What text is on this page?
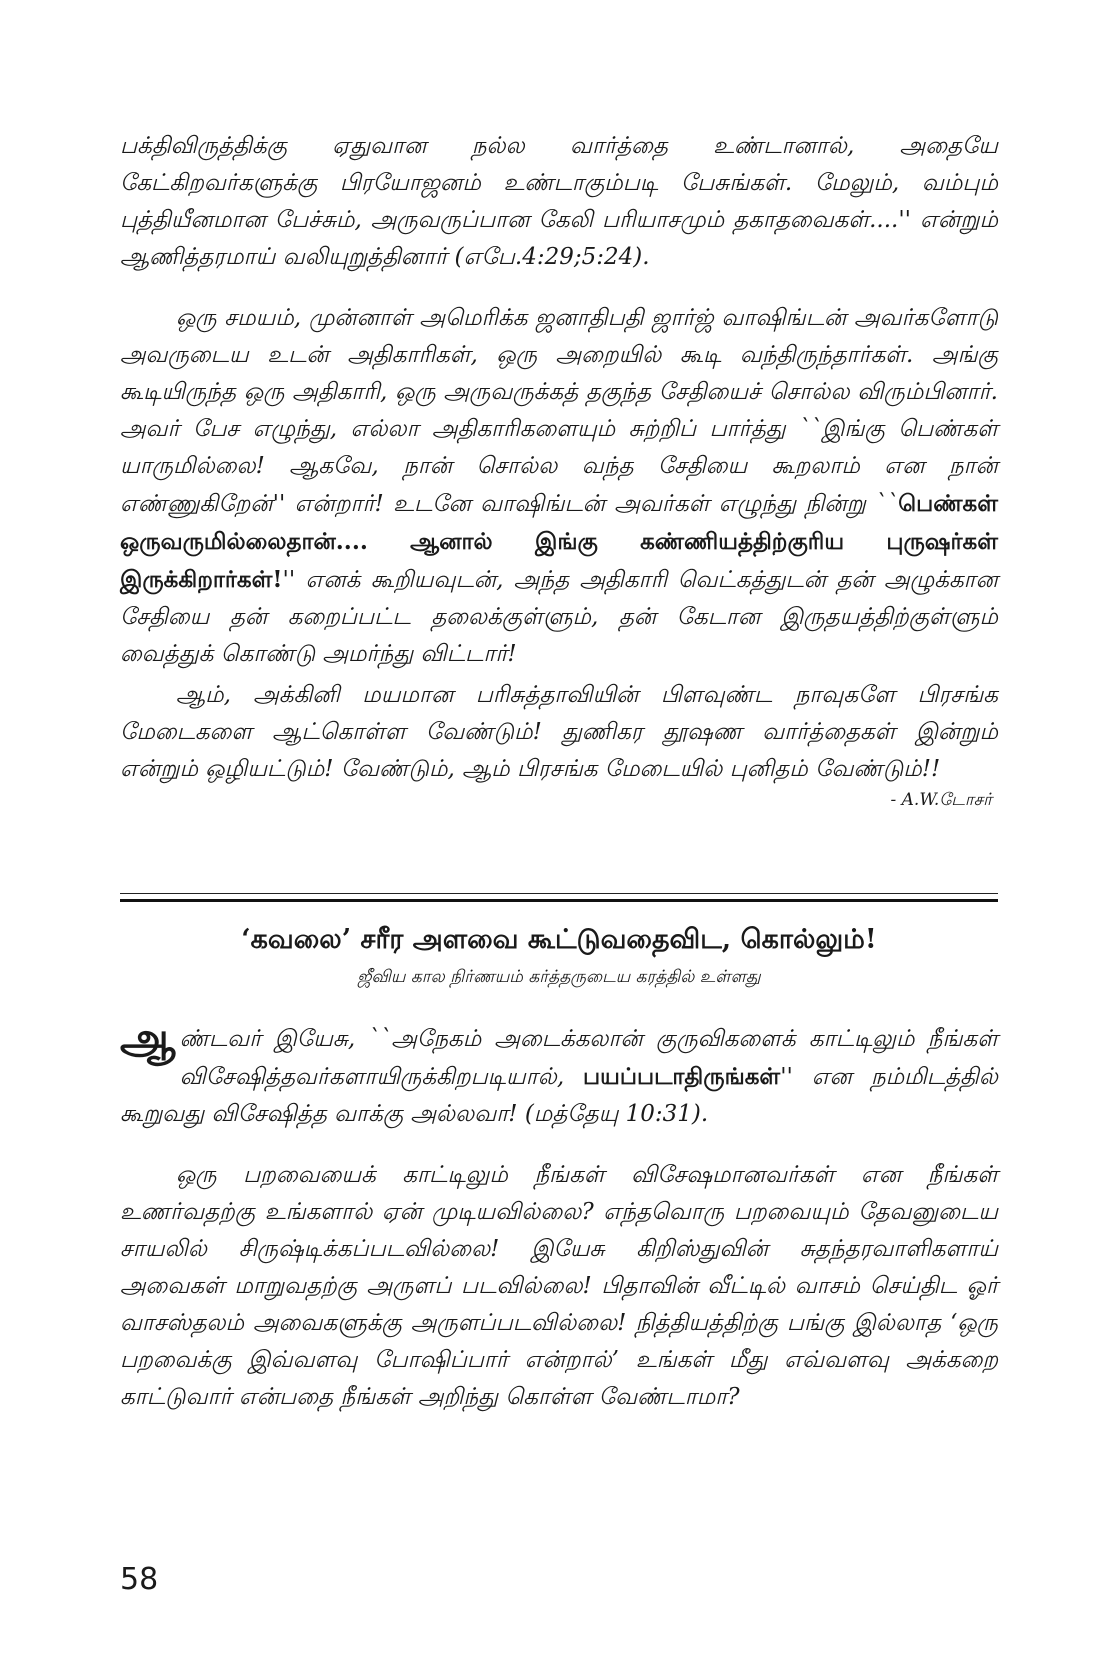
பக்திவிருத்திக்கு ஏதுவான நல்ல வார்த்தை உண்டானால், அதையே கேட்கிறவர்களுக்கு பிரயோஜனம் உண்டாகும்படி பேசுங்கள். மேலும், வம்பும் புத்தியீனமான பேச்சும், அருவருப்பான கேலி பரியாசமும் தகாதவைகள்....'' என்றும் ஆணித்தரமாய் வலியுறுத்தினார் (எபே.4:29;5:24).

ஒரு சமயம், முன்னாள் அமெரிக்க ஜனாதிபதி ஜார்ஜ் வாஷிங்டன் அவர்களோடு அவருடைய உடன் அதிகாரிகள், ஒரு அறையில் கூடி வந்திருந்தார்கள். அங்கு கூடியிருந்த ஒரு அதிகாரி, ஒரு அருவருக்கத் தகுந்த சேதியைச் சொல்ல விரும்பினார். அவர் பேச எழுந்து, எல்லா அதிகாரிகளையும் சுற்றிப் பார்த்து ``இங்கு பெண்கள் யாருமில்லை! ஆகவே, நான் சொல்ல வந்த சேதியை கூறலாம் என நான் எண்ணுகிறேன்'' என்றார்! உடனே வாஷிங்டன் அவர்கள் எழுந்து நின்று ``பெண்கள் ஒருவருமில்லைதான்.... ஆனால் இங்கு கண்ணியத்திற்குரிய புருஷர்கள் இருக்கிறார்கள்!'' எனக் கூறியவுடன், அந்த அதிகாரி வெட்கத்துடன் தன் அழுக்கான சேதியை தன் கறைப்பட்ட தலைக்குள்ளும், தன் கேடான இருதயத்திற்குள்ளும் வைத்துக் கொண்டு அமர்ந்து விட்டார்!

ஆம், அக்கினி மயமான பரிசுத்தாவியின் பிளவுண்ட நாவுகளே பிரசங்க மேடைகளை ஆட்கொள்ள வேண்டும்! துணிகர தூஷண வார்த்தைகள் இன்றும் என்றும் ஒழியட்டும்! வேண்டும், ஆம் பிரசங்க மேடையில் புனிதம் வேண்டும்!!

- A.W.டோசர்
‘கவலை’ சரீர அளவை கூட்டுவதைவிட, கொல்லும்!
ஜீவிய கால நிர்ணயம் கர்த்தருடைய கரத்தில் உள்ளது

ஆண்டவர் இயேசு, ``அநேகம் அடைக்கலான் குருவிகளைக் காட்டிலும் நீங்கள் விசேஷித்தவர்களாயிருக்கிறபடியால், பயப்படாதிருங்கள்'' என நம்மிடத்தில் கூறுவது விசேஷித்த வாக்கு அல்லவா! (மத்தேயு 10:31).

ஒரு பறவையைக் காட்டிலும் நீங்கள் விசேஷமானவர்கள் என நீங்கள் உணர்வதற்கு உங்களால் ஏன் முடியவில்லை? எந்தவொரு பறவையும் தேவனுடைய சாயலில் சிருஷ்டிக்கப்படவில்லை! இயேசு கிறிஸ்துவின் சுதந்தரவாளிகளாய் அவைகள் மாறுவதற்கு அருளப் படவில்லை! பிதாவின் வீட்டில் வாசம் செய்திட ஓர் வாசஸ்தலம் அவைகளுக்கு அருளப்படவில்லை! நித்தியத்திற்கு பங்கு இல்லாத ‘ஒரு பறவைக்கு இவ்வளவு போஷிப்பார் என்றால்’ உங்கள் மீது எவ்வளவு அக்கறை காட்டுவார் என்பதை நீங்கள் அறிந்து கொள்ள வேண்டாமா?

58
